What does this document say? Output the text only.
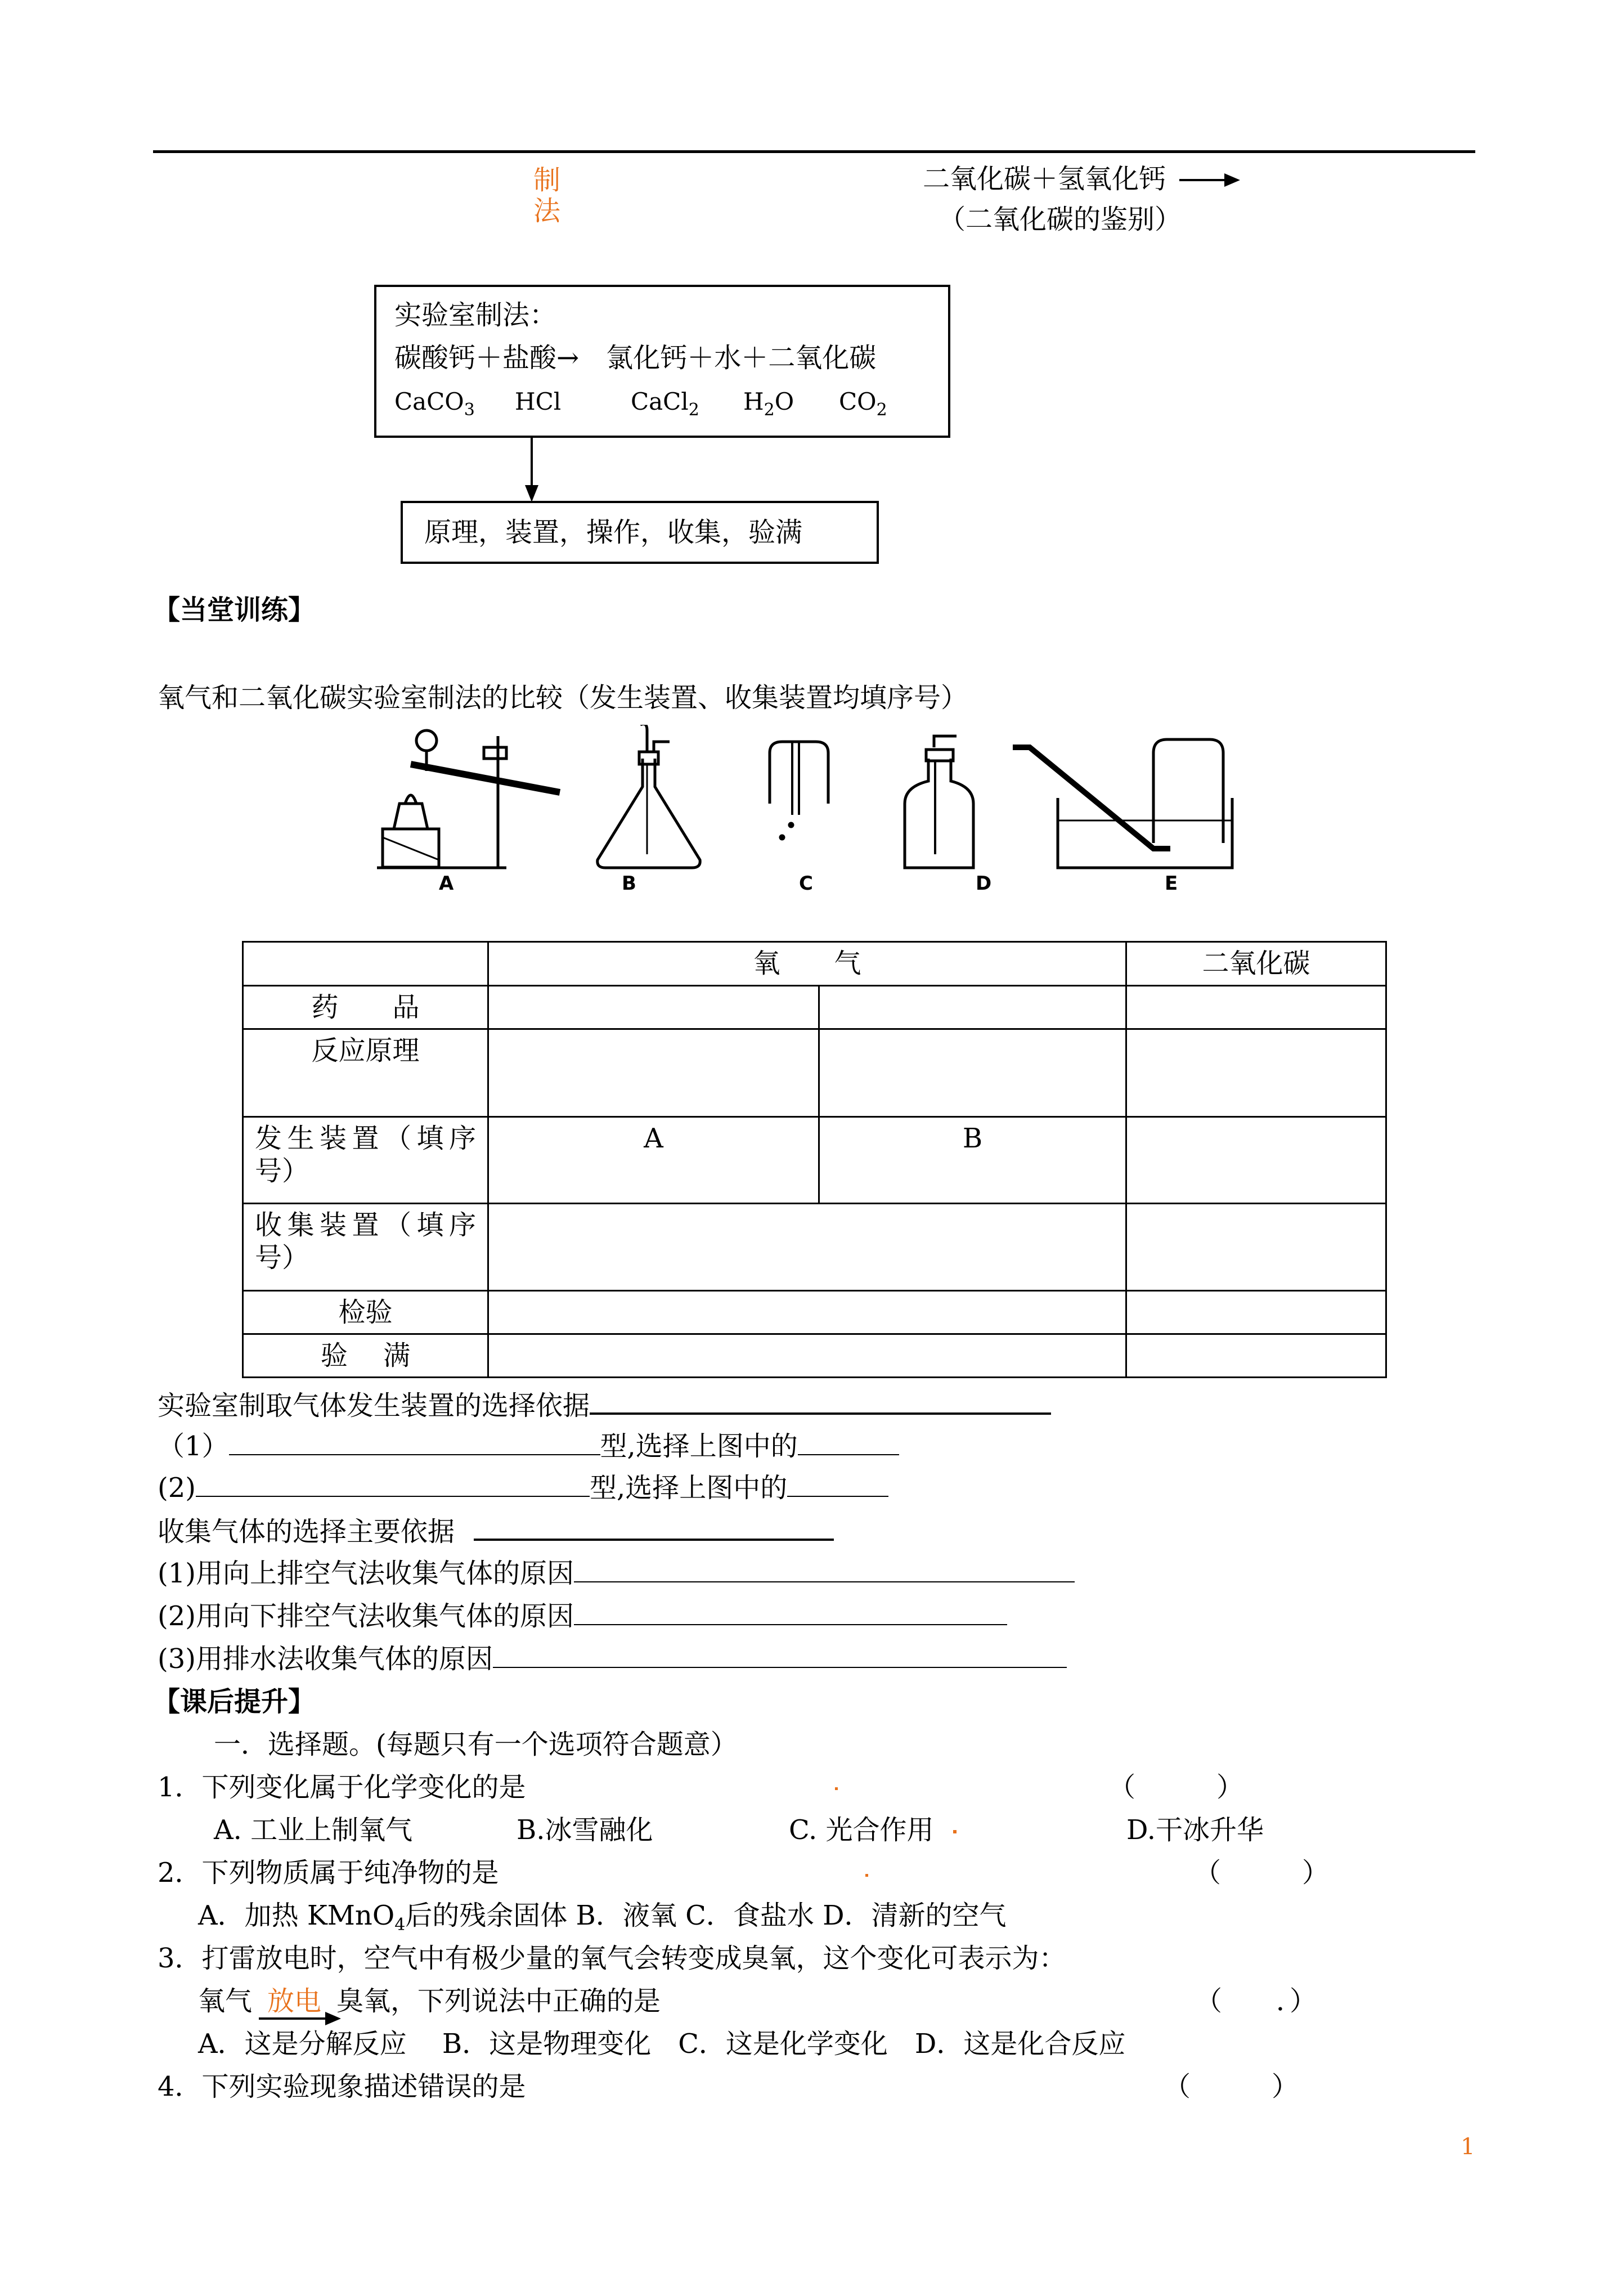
制
法
二氧化碳＋氢氧化钙
（二氧化碳的鉴别）
实验室制法：
碳酸钙＋盐酸→　氯化钙＋水＋二氧化碳
CaCO$_3$ HCl	CaCl$_2$ $H_2O$ $CO_2$
原理，装置，操作，收集，验满
【当堂训练】
氧气和二氧化碳实验室制法的比较（发生装置、收集装置均填序号）
A	B	C	D	E
	氧　　气		二氧化碳
药　　品			
反应原理			
发生装置（填序号）	A	B	
收集装置（填序号）			
检验			
验　 满			
实验室制取气体发生装置的选择依据
（1）	型,选择上图中的
(2)	型,选择上图中的
收集气体的选择主要依据
(1)用向上排空气法收集气体的原因
(2)用向下排空气法收集气体的原因
(3)用排水法收集气体的原因
【课后提升】
一．选择题。(每题只有一个选项符合题意）
1．下列变化属于化学变化的是	（　　　）
A. 工业上制氧气	B.冰雪融化	C. 光合作用	D.干冰升华
2．下列物质属于纯净物的是	（　　　）
A．加热 KMnO$_4$后的残余固体 B．液氧 C．食盐水 D．清新的空气
3．打雷放电时，空气中有极少量的氧气会转变成臭氧，这个变化可表示为：
氧气 放电 臭氧，下列说法中正确的是	（　　．）
A．这是分解反应　 B．这是物理变化　C．这是化学变化　D．这是化合反应
4．下列实验现象描述错误的是	（　　　）
1
